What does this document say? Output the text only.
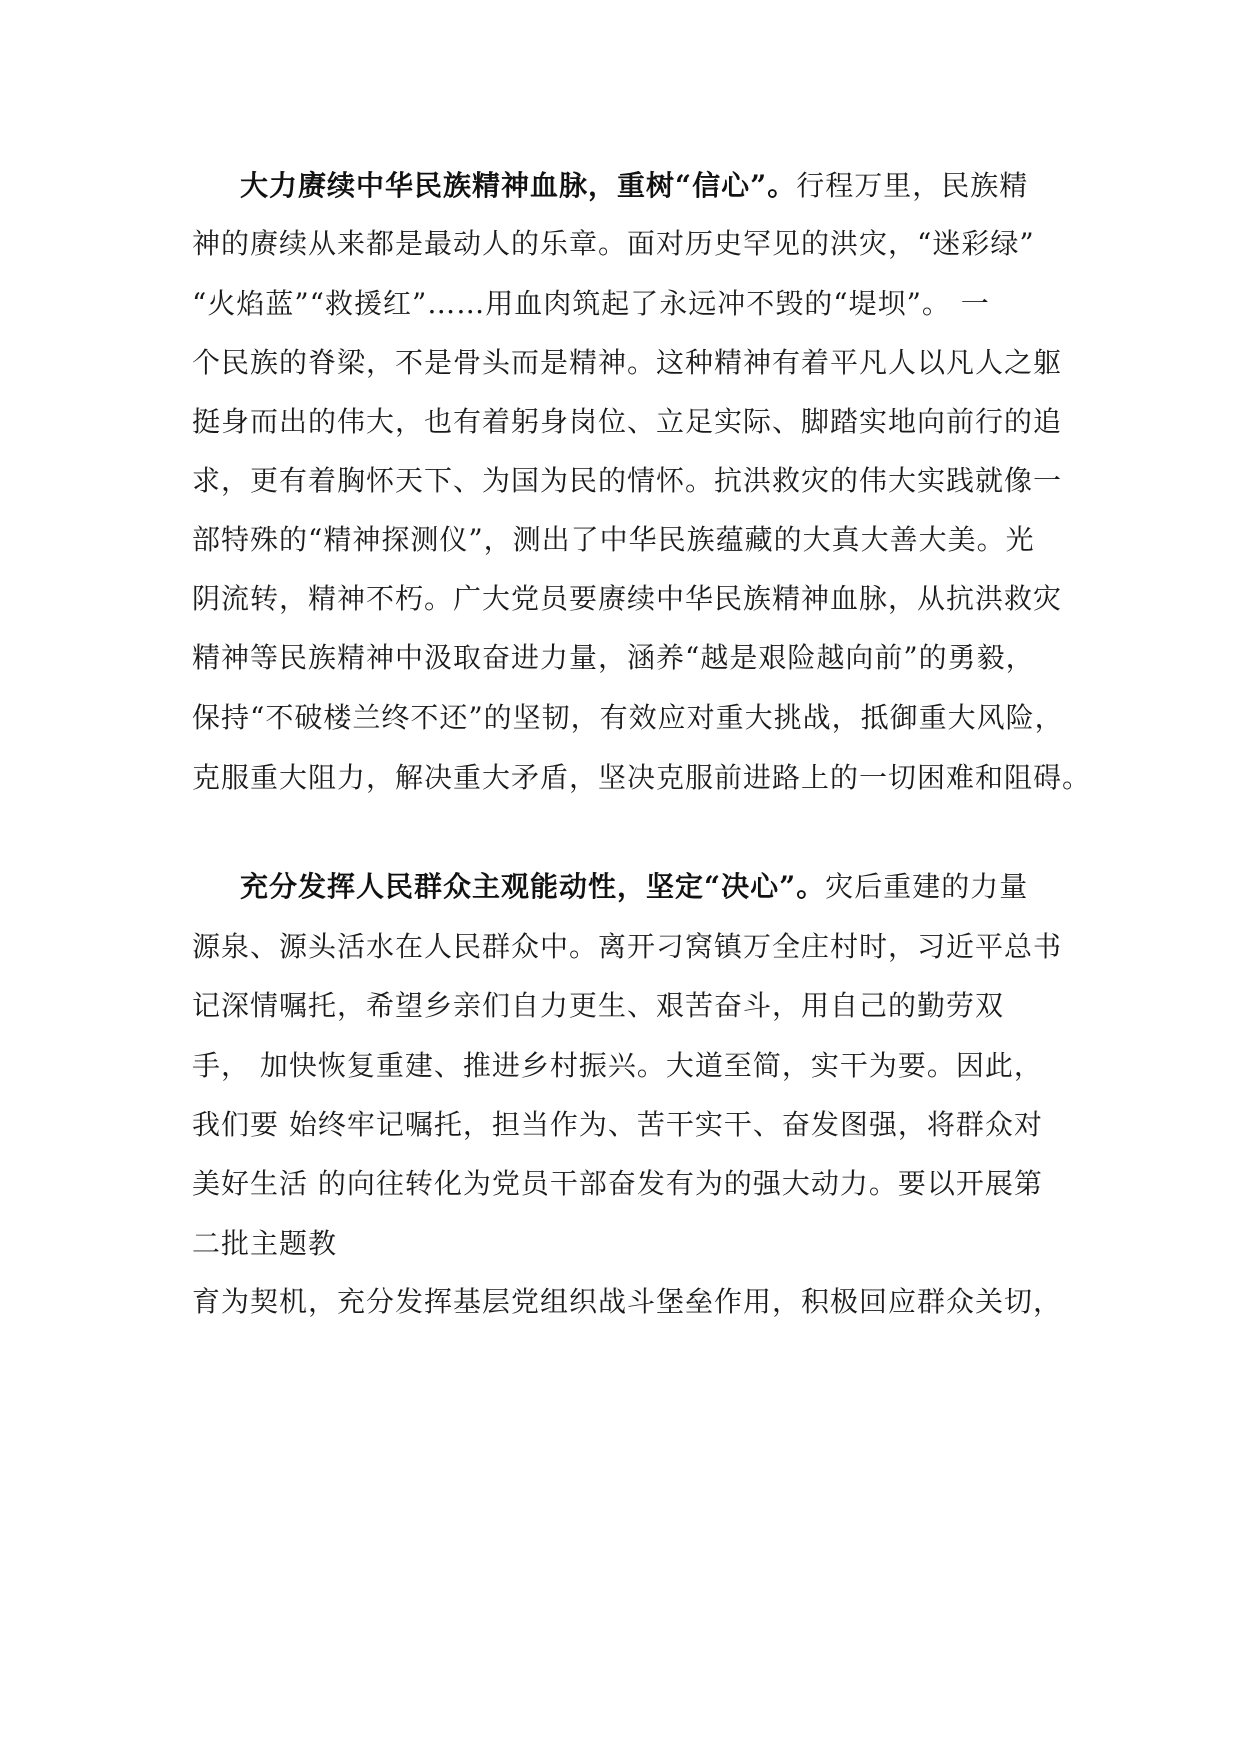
大力赓续中华民族精神血脉，重树“信心”。行程万里，民族精
神的赓续从来都是最动人的乐章。面对历史罕见的洪灾，“迷彩绿”
“火焰蓝”“救援红”……用血肉筑起了永远冲不毁的“堤坝”。 一
个民族的脊梁，不是骨头而是精神。这种精神有着平凡人以凡人之躯
挺身而出的伟大，也有着躬身岗位、立足实际、脚踏实地向前行的追
求，更有着胸怀天下、为国为民的情怀。抗洪救灾的伟大实践就像一
部特殊的“精神探测仪”，测出了中华民族蕴藏的大真大善大美。光
阴流转，精神不朽。广大党员要赓续中华民族精神血脉，从抗洪救灾
精神等民族精神中汲取奋进力量，涵养“越是艰险越向前”的勇毅，
保持“不破楼兰终不还”的坚韧，有效应对重大挑战，抵御重大风险，
克服重大阻力，解决重大矛盾，坚决克服前进路上的一切困难和阻碍。
充分发挥人民群众主观能动性，坚定“决心”。灾后重建的力量
源泉、源头活水在人民群众中。离开刁窝镇万全庄村时，习近平总书
记深情嘱托，希望乡亲们自力更生、艰苦奋斗，用自己的勤劳双
手， 加快恢复重建、推进乡村振兴。大道至简，实干为要。因此，
我们要 始终牢记嘱托，担当作为、苦干实干、奋发图强，将群众对
美好生活 的向往转化为党员干部奋发有为的强大动力。要以开展第
二批主题教
育为契机，充分发挥基层党组织战斗堡垒作用，积极回应群众关切，
